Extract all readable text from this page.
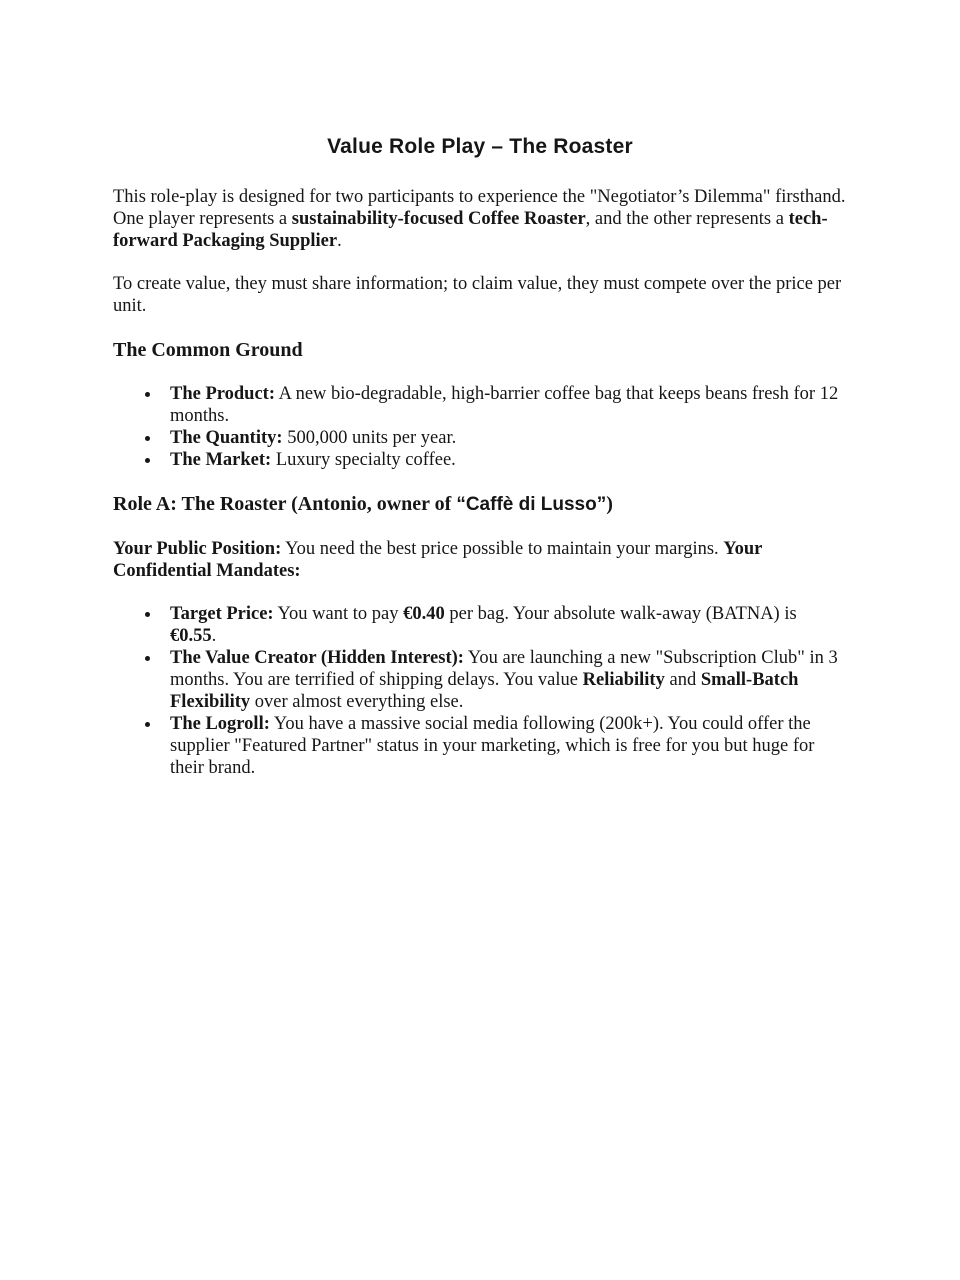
Value Role Play – The Roaster

This role-play is designed for two participants to experience the "Negotiator’s Dilemma" firsthand. One player represents a sustainability-focused Coffee Roaster, and the other represents a tech-forward Packaging Supplier.

To create value, they must share information; to claim value, they must compete over the price per unit.

The Common Ground
The Product: A new bio-degradable, high-barrier coffee bag that keeps beans fresh for 12 months.
The Quantity: 500,000 units per year.
The Market: Luxury specialty coffee.
Role A: The Roaster (Antonio, owner of “Caffè di Lusso”)

Your Public Position: You need the best price possible to maintain your margins. Your Confidential Mandates:

Target Price: You want to pay €0.40 per bag. Your absolute walk-away (BATNA) is €0.55.
The Value Creator (Hidden Interest): You are launching a new "Subscription Club" in 3 months. You are terrified of shipping delays. You value Reliability and Small-Batch Flexibility over almost everything else.
The Logroll: You have a massive social media following (200k+). You could offer the supplier "Featured Partner" status in your marketing, which is free for you but huge for their brand.
